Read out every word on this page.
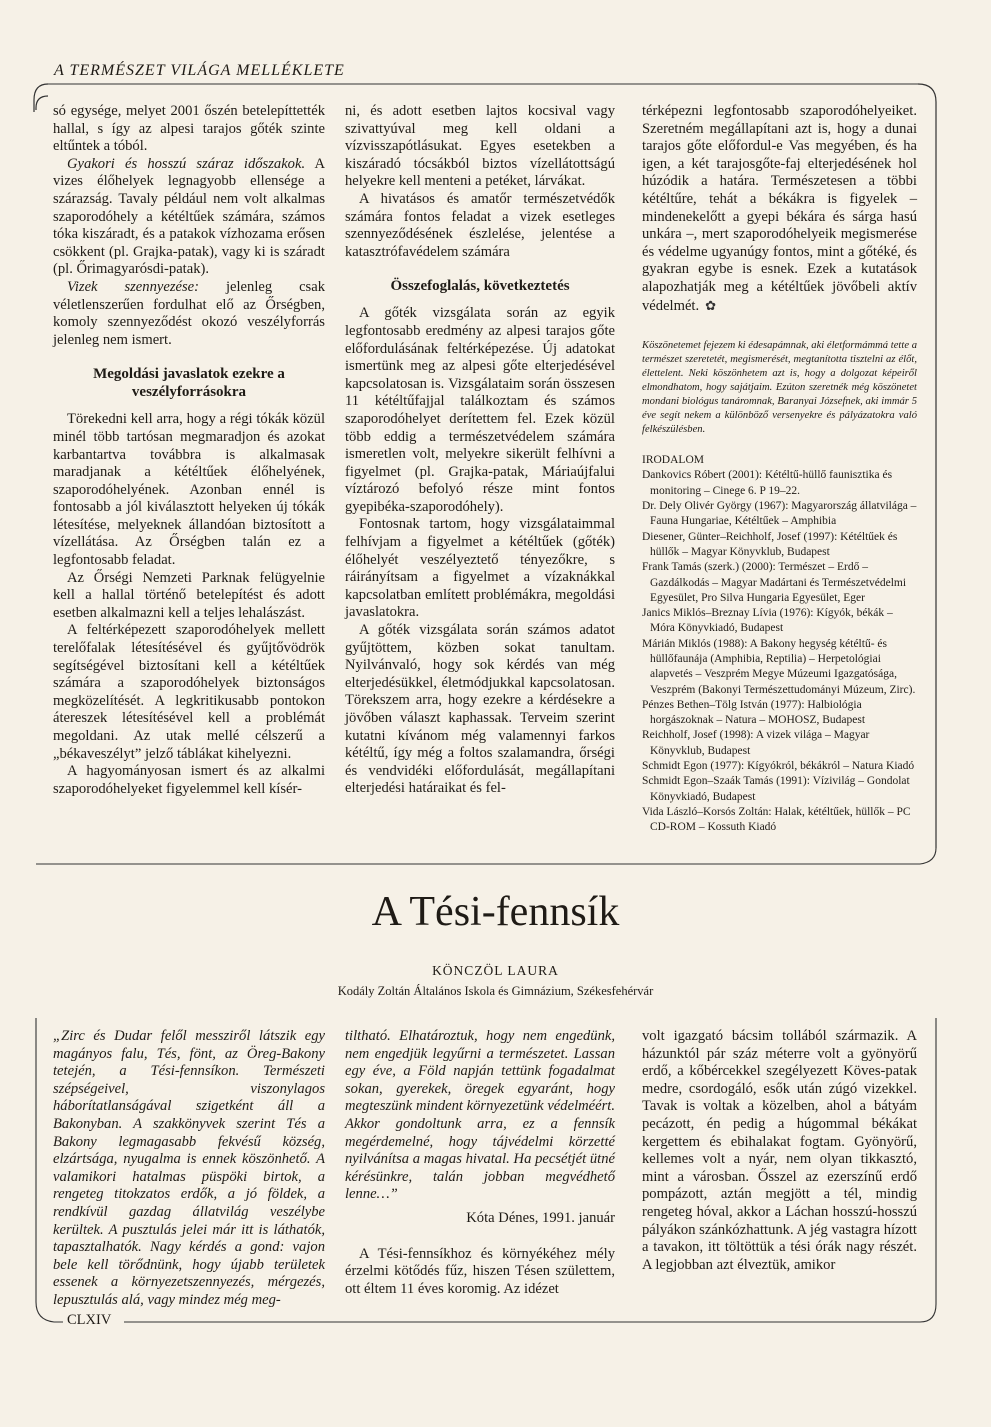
A TERMÉSZET VILÁGA MELLÉKLETE

só egysége, melyet 2001 őszén betelepíttették hallal, s így az alpesi tarajos gőték szinte eltűntek a tóból.

Gyakori és hosszú száraz időszakok. A vizes élőhelyek legnagyobb ellensége a szárazság. Tavaly például nem volt alkalmas szaporodóhely a kétéltűek számára, számos tóka kiszáradt, és a patakok vízhozama erősen csökkent (pl. Grajka-patak), vagy ki is száradt (pl. Őrimagyarósdi-patak).

Vizek szennyezése: jelenleg csak véletlenszerűen fordulhat elő az Őrségben, komoly szennyeződést okozó veszélyforrás jelenleg nem ismert.

Megoldási javaslatok ezekre a veszélyforrásokra

Törekedni kell arra, hogy a régi tókák közül minél több tartósan megmaradjon és azokat karbantartva továbbra is alkalmasak maradjanak a kétéltűek élőhelyének, szaporodóhelyének. Azonban ennél is fontosabb a jól kiválasztott helyeken új tókák létesítése, melyeknek állandóan biztosított a vízellátása. Az Őrségben talán ez a legfontosabb feladat.

Az Őrségi Nemzeti Parknak felügyelnie kell a hallal történő betelepítést és adott esetben alkalmazni kell a teljes lehalászást.

A feltérképezett szaporodóhelyek mellett terelőfalak létesítésével és gyűjtővödrök segítségével biztosítani kell a kétéltűek számára a szaporodóhelyek biztonságos megközelítését. A legkritikusabb pontokon átereszek létesítésével kell a problémát megoldani. Az utak mellé célszerű a „békaveszélyt” jelző táblákat kihelyezni.

A hagyományosan ismert és az alkalmi szaporodóhelyeket figyelemmel kell kísér-

ni, és adott esetben lajtos kocsival vagy szivattyúval meg kell oldani a vízvisszapótlásukat. Egyes esetekben a kiszáradó tócsákból biztos vízellátottságú helyekre kell menteni a petéket, lárvákat.

A hivatásos és amatőr természetvédők számára fontos feladat a vizek esetleges szennyeződésének észlelése, jelentése a katasztrófavédelem számára

Összefoglalás, következtetés

A gőték vizsgálata során az egyik legfontosabb eredmény az alpesi tarajos gőte előfordulásának feltérképezése. Új adatokat ismertünk meg az alpesi gőte elterjedésével kapcsolatosan is. Vizsgálataim során összesen 11 kétéltűfajjal találkoztam és számos szaporodóhelyet derítettem fel. Ezek közül több eddig a természetvédelem számára ismeretlen volt, melyekre sikerült felhívni a figyelmet (pl. Grajka-patak, Máriaújfalui víztározó befolyó része mint fontos gyepibéka-szaporodóhely).

Fontosnak tartom, hogy vizsgálataimmal felhívjam a figyelmet a kétéltűek (gőték) élőhelyét veszélyeztető tényezőkre, s ráirányítsam a figyelmet a vízaknákkal kapcsolatban említett problémákra, megoldási javaslatokra.

A gőték vizsgálata során számos adatot gyűjtöttem, közben sokat tanultam. Nyilvánvaló, hogy sok kérdés van még elterjedésükkel, életmódjukkal kapcsolatosan. Törekszem arra, hogy ezekre a kérdésekre a jövőben választ kaphassak. Terveim szerint kutatni kívánom még valamennyi farkos kétéltű, így még a foltos szalamandra, őrségi és vendvidéki előfordulását, megállapítani elterjedési határaikat és fel-

térképezni legfontosabb szaporodóhelyeiket. Szeretném megállapítani azt is, hogy a dunai tarajos gőte előfordul-e Vas megyében, és ha igen, a két tarajosgőte-faj elterjedésének hol húzódik a határa. Természetesen a többi kétéltűre, tehát a békákra is figyelek – mindenekelőtt a gyepi békára és sárga hasú unkára –, mert szaporodóhelyeik megismerése és védelme ugyanúgy fontos, mint a gőtéké, és gyakran egybe is esnek. Ezek a kutatások alapozhatják meg a kétéltűek jövőbeli aktív védelmét. ✿

Köszönetemet fejezem ki édesapámnak, aki életformámmá tette a természet szeretetét, megismerését, megtanította tisztelni az élőt, élettelent. Neki köszönhetem azt is, hogy a dolgozat képeiről elmondhatom, hogy sajátjaim. Ezúton szeretnék még köszönetet mondani biológus tanáromnak, Baranyai Józsefnek, aki immár 5 éve segít nekem a különböző versenyekre és pályázatokra való felkészülésben.
IRODALOM
Dankovics Róbert (2001): Kétéltű-hüllő faunisztika és monitoring – Cinege 6. P 19–22.
Dr. Dely Olivér György (1967): Magyarország állatvilága – Fauna Hungariae, Kétéltűek – Amphibia
Diesener, Günter–Reichholf, Josef (1997): Kétéltűek és hüllők – Magyar Könyvklub, Budapest
Frank Tamás (szerk.) (2000): Természet – Erdő – Gazdálkodás – Magyar Madártani és Természetvédelmi Egyesület, Pro Silva Hungaria Egyesület, Eger
Janics Miklós–Breznay Lívia (1976): Kígyók, békák – Móra Könyvkiadó, Budapest
Márián Miklós (1988): A Bakony hegység kétéltű- és hüllőfaunája (Amphibia, Reptilia) – Herpetológiai alapvetés – Veszprém Megye Múzeumi Igazgatósága, Veszprém (Bakonyi Természettudományi Múzeum, Zirc).
Pénzes Bethen–Tölg István (1977): Halbiológia horgászoknak – Natura – MOHOSZ, Budapest
Reichholf, Josef (1998): A vizek világa – Magyar Könyvklub, Budapest
Schmidt Egon (1977): Kígyókról, békákról – Natura Kiadó
Schmidt Egon–Szaák Tamás (1991): Vízivilág – Gondolat Könyvkiadó, Budapest
Vida László–Korsós Zoltán: Halak, kétéltűek, hüllők – PC CD-ROM – Kossuth Kiadó
A Tési-fennsík
KÖNCZÖL LAURA
Kodály Zoltán Általános Iskola és Gimnázium, Székesfehérvár

„Zirc és Dudar felől messziről látszik egy magányos falu, Tés, fönt, az Öreg-Bakony tetején, a Tési-fennsíkon. Természeti szépségeivel, viszonylagos háborítatlanságával szigetként áll a Bakonyban. A szakkönyvek szerint Tés a Bakony legmagasabb fekvésű község, elzártsága, nyugalma is ennek köszönhető. A valamikori hatalmas püspöki birtok, a rengeteg titokzatos erdők, a jó földek, a rendkívül gazdag állatvilág veszélybe kerültek. A pusztulás jelei már itt is láthatók, tapasztalhatók. Nagy kérdés a gond: vajon bele kell törődnünk, hogy újabb területek essenek a környezetszennyezés, mérgezés, lepusztulás alá, vagy mindez még meg-

tiltható. Elhatároztuk, hogy nem engedünk, nem engedjük legyűrni a természetet. Lassan egy éve, a Föld napján tettünk fogadalmat sokan, gyerekek, öregek egyaránt, hogy megteszünk mindent környezetünk védelméért. Akkor gondoltunk arra, ez a fennsík megérdemelné, hogy tájvédelmi körzetté nyilvánítsa a magas hivatal. Ha pecsétjét ütné kérésünkre, talán jobban megvédhető lenne…”

Kóta Dénes, 1991. január

A Tési-fennsíkhoz és környékéhez mély érzelmi kötődés fűz, hiszen Tésen születtem, ott éltem 11 éves koromig. Az idézet

volt igazgató bácsim tollából származik. A házunktól pár száz méterre volt a gyönyörű erdő, a kőbércekkel szegélyezett Köves-patak medre, csordogáló, esők után zúgó vizekkel. Tavak is voltak a közelben, ahol a bátyám pecázott, én pedig a húgommal békákat kergettem és ebihalakat fogtam. Gyönyörű, kellemes volt a nyár, nem olyan tikkasztó, mint a városban. Ősszel az ezerszínű erdő pompázott, aztán megjött a tél, mindig rengeteg hóval, akkor a Láchan hosszú-hosszú pályákon szánkózhattunk. A jég vastagra hízott a tavakon, itt töltöttük a tési órák nagy részét. A legjobban azt élveztük, amikor

CLXIV
